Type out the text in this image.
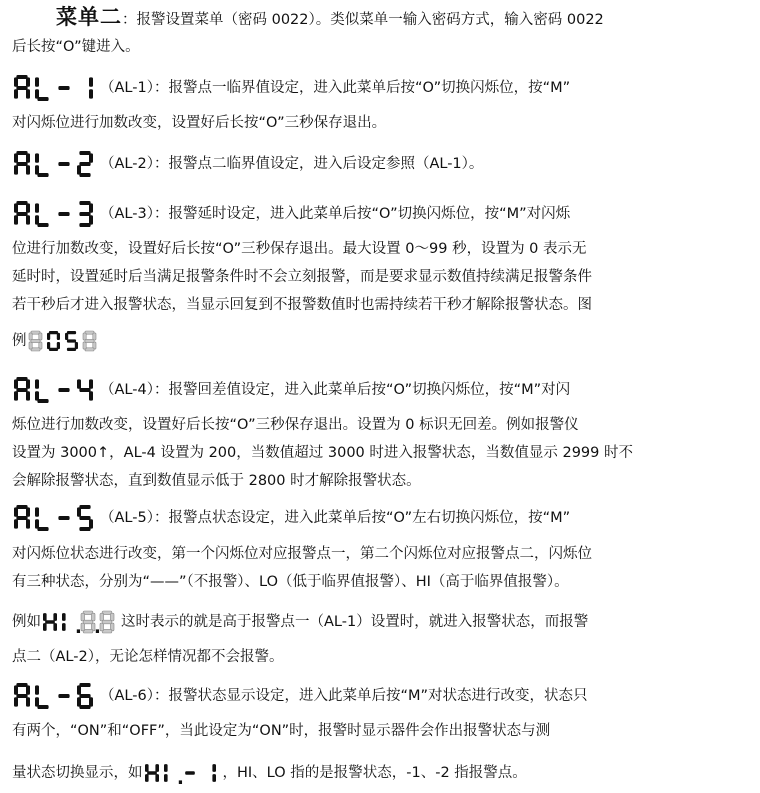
菜单二：报警设置菜单（密码 0022）。类似菜单一输入密码方式，输入密码 0022
后长按“O”键进入。
（AL-1）：报警点一临界值设定，进入此菜单后按“O”切换闪烁位，按“M”
对闪烁位进行加数改变，设置好后长按“O”三秒保存退出。
（AL-2）：报警点二临界值设定，进入后设定参照（AL-1）。
（AL-3）：报警延时设定，进入此菜单后按“O”切换闪烁位，按“M”对闪烁
位进行加数改变，设置好后长按“O”三秒保存退出。最大设置 0～99 秒，设置为 0 表示无
延时时，设置延时后当满足报警条件时不会立刻报警，而是要求显示数值持续满足报警条件
若干秒后才进入报警状态，当显示回复到不报警数值时也需持续若干秒才解除报警状态。图
例
（AL-4）：报警回差值设定，进入此菜单后按“O”切换闪烁位，按“M”对闪
烁位进行加数改变，设置好后长按“O”三秒保存退出。设置为 0 标识无回差。例如报警仪
设置为 3000↑，AL-4 设置为 200，当数值超过 3000 时进入报警状态，当数值显示 2999 时不
会解除报警状态，直到数值显示低于 2800 时才解除报警状态。
（AL-5）：报警点状态设定，进入此菜单后按“O”左右切换闪烁位，按“M”
对闪烁位状态进行改变，第一个闪烁位对应报警点一，第二个闪烁位对应报警点二，闪烁位
有三种状态，分别为“——”（不报警）、LO（低于临界值报警）、HI（高于临界值报警）。
例如	这时表示的就是高于报警点一（AL-1）设置时，就进入报警状态，而报警
点二（AL-2），无论怎样情况都不会报警。
（AL-6）：报警状态显示设定，进入此菜单后按“M”对状态进行改变，状态只
有两个，“ON”和“OFF”，当此设定为“ON”时，报警时显示器件会作出报警状态与测
量状态切换显示，如	，HI、LO 指的是报警状态，-1、-2 指报警点。
